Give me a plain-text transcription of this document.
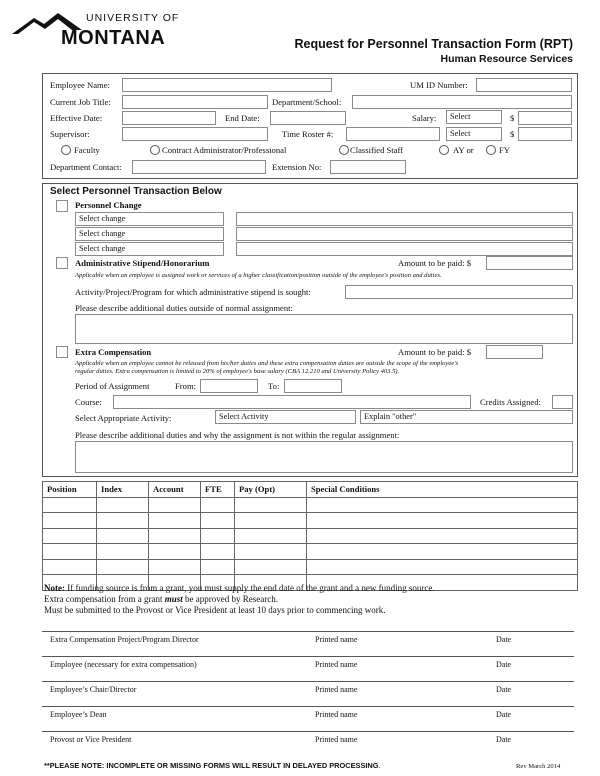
UNIVERSITY OF
MONTANA	Request for Personnel Transaction Form (RPT)
Human Resource Services
Employee Name:	UM ID Number:
Current Job Title:	Department/School:
Effective Date:	End Date:	Salary:	Select	$
Supervisor:	Time Roster #:	Select	$
Faculty	Contract Administrator/Professional	Classified Staff	AY or	FY
Department Contact:	Extension No:
Select Personnel Transaction Below
Personnel Change
Select change
Select change
Select change
Administrative Stipend/Honorarium	Amount to be paid: $
Applicable when an employee is assigned work or services of a higher classification/position outside of the employee's position and duties.
Activity/Project/Program for which administrative stipend is sought:
Please describe additional duties outside of normal assignment:
Extra Compensation	Amount to be paid: $
Applicable when an employee cannot be released from his/her duties and these extra compensation duties are outside the scope of the employee's
regular duties. Extra compensation is limited to 20% of employee's base salary (CBA 12.210 and University Policy 403.5).
Period of Assignment	From:	To:
Course:	Credits Assigned:
Select Appropriate Activity:	Select Activity	Explain "other"
Please describe additional duties and why the assignment is not within the regular assignment:
Position	Index	Account	FTE	Pay (Opt)	Special Conditions

Note: If funding source is from a grant, you must supply the end date of the grant and a new funding source.
Extra compensation from a grant must be approved by Research.
Must be submitted to the Provost or Vice President at least 10 days prior to commencing work.
Extra Compensation Project/Program Director	Printed name	Date
Employee (necessary for extra compensation)	Printed name	Date
Employee’s Chair/Director	Printed name	Date
Employee’s Dean	Printed name	Date
Provost or Vice President	Printed name	Date
**PLEASE NOTE: INCOMPLETE OR MISSING FORMS WILL RESULT IN DELAYED PROCESSING.	Rev March 2014
